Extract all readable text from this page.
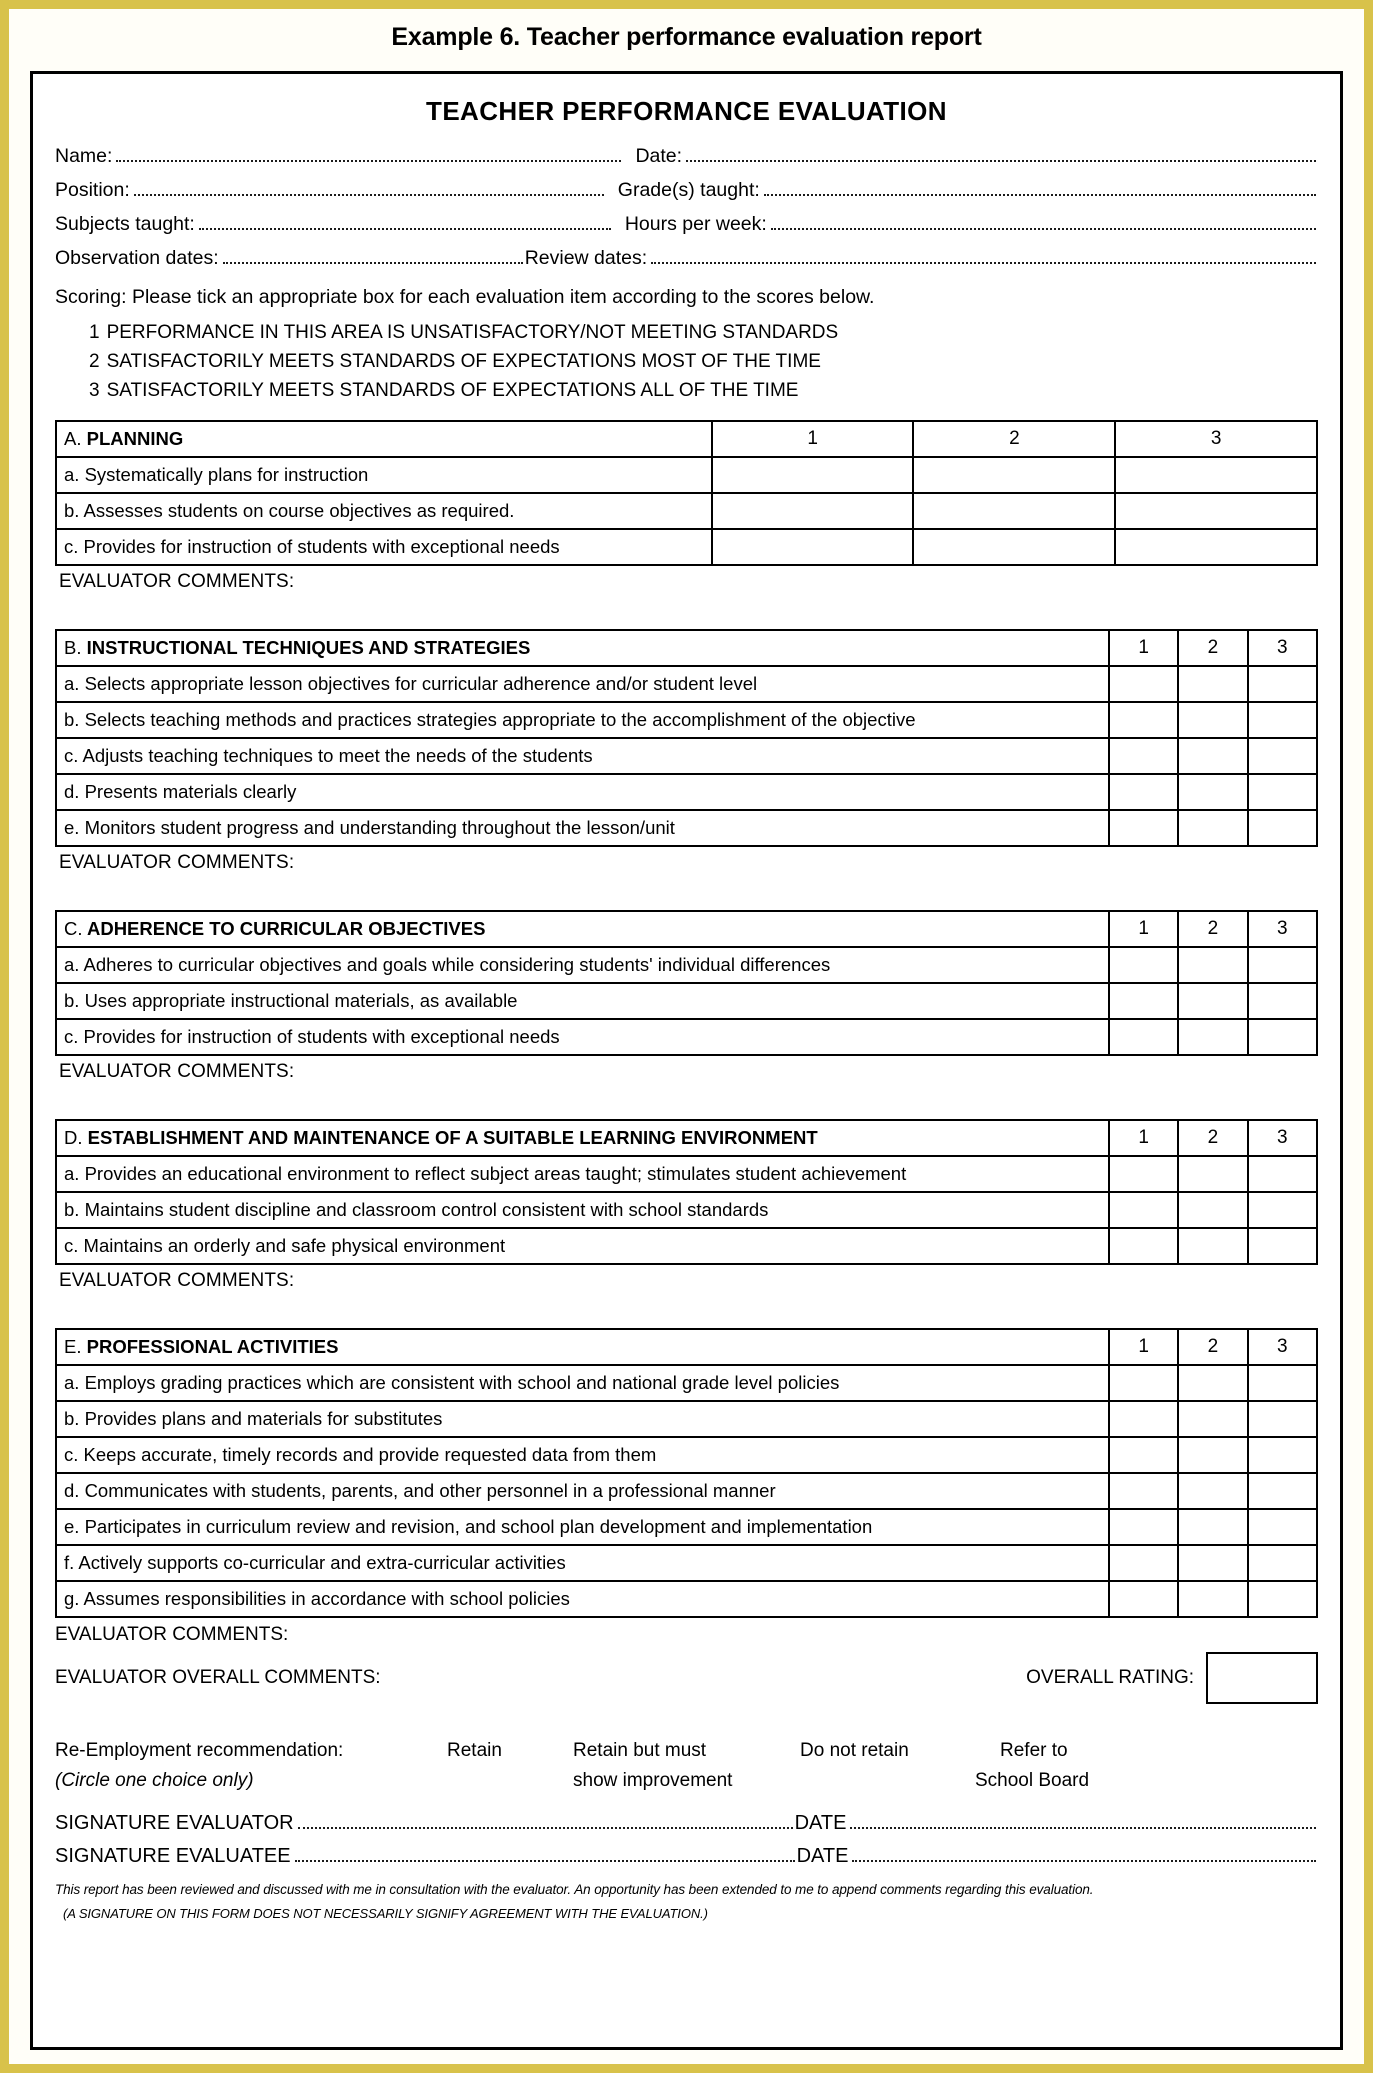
Example 6. Teacher performance evaluation report
TEACHER PERFORMANCE EVALUATION
Name:	Date:
Position:	Grade(s) taught:
Subjects taught:	Hours per week:
Observation dates:	Review dates:
Scoring: Please tick an appropriate box for each evaluation item according to the scores below.
1 PERFORMANCE IN THIS AREA IS UNSATISFACTORY/NOT MEETING STANDARDS
2 SATISFACTORILY MEETS STANDARDS OF EXPECTATIONS MOST OF THE TIME
3 SATISFACTORILY MEETS STANDARDS OF EXPECTATIONS ALL OF THE TIME
A. PLANNING	1	2	3
a. Systematically plans for instruction			
b. Assesses students on course objectives as required.			
c. Provides for instruction of students with exceptional needs			
EVALUATOR COMMENTS:
B. INSTRUCTIONAL TECHNIQUES AND STRATEGIES	1	2	3
a. Selects appropriate lesson objectives for curricular adherence and/or student level			
b. Selects teaching methods and practices strategies appropriate to the accomplishment of the objective			
c. Adjusts teaching techniques to meet the needs of the students			
d. Presents materials clearly			
e. Monitors student progress and understanding throughout the lesson/unit			
EVALUATOR COMMENTS:
C. ADHERENCE TO CURRICULAR OBJECTIVES	1	2	3
a. Adheres to curricular objectives and goals while considering students' individual differences			
b. Uses appropriate instructional materials, as available			
c. Provides for instruction of students with exceptional needs			
EVALUATOR COMMENTS:
D. ESTABLISHMENT AND MAINTENANCE OF A SUITABLE LEARNING ENVIRONMENT	1	2	3
a. Provides an educational environment to reflect subject areas taught; stimulates student achievement			
b. Maintains student discipline and classroom control consistent with school standards			
c. Maintains an orderly and safe physical environment			
EVALUATOR COMMENTS:
E. PROFESSIONAL ACTIVITIES	1	2	3
a. Employs grading practices which are consistent with school and national grade level policies			
b. Provides plans and materials for substitutes			
c. Keeps accurate, timely records and provide requested data from them			
d. Communicates with students, parents, and other personnel in a professional manner			
e. Participates in curriculum review and revision, and school plan development and implementation			
f. Actively supports co-curricular and extra-curricular activities			
g. Assumes responsibilities in accordance with school policies			
EVALUATOR COMMENTS:
EVALUATOR OVERALL COMMENTS:	OVERALL RATING:
Re-Employment recommendation:
(Circle one choice only)
Retain	Retain but must
show improvement
Do not retain	Refer to
School Board
SIGNATURE EVALUATOR	DATE
SIGNATURE EVALUATEE	DATE
This report has been reviewed and discussed with me in consultation with the evaluator. An opportunity has been extended to me to append comments regarding this evaluation.
(A SIGNATURE ON THIS FORM DOES NOT NECESSARILY SIGNIFY AGREEMENT WITH THE EVALUATION.)
